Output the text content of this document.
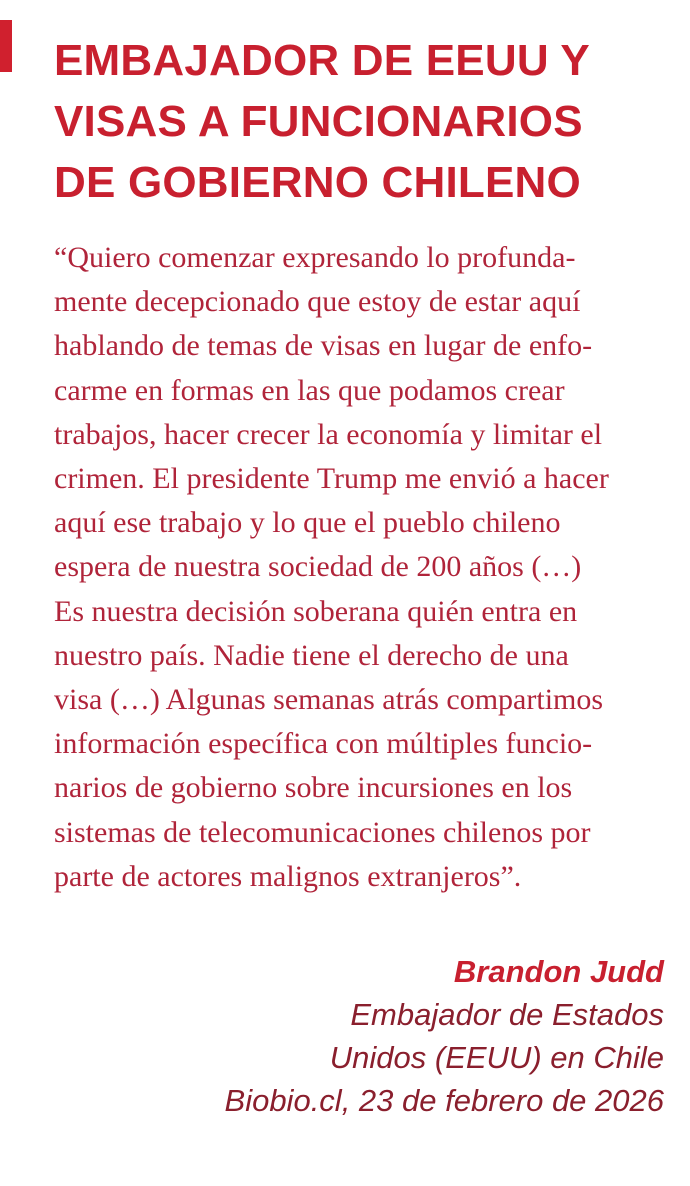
EMBAJADOR DE EEUU Y
VISAS A FUNCIONARIOS
DE GOBIERNO CHILENO
“Quiero comenzar expresando lo profunda-
mente decepcionado que estoy de estar aquí
hablando de temas de visas en lugar de enfo-
carme en formas en las que podamos crear
trabajos, hacer crecer la economía y limitar el
crimen. El presidente Trump me envió a hacer
aquí ese trabajo y lo que el pueblo chileno
espera de nuestra sociedad de 200 años (…)
Es nuestra decisión soberana quién entra en
nuestro país. Nadie tiene el derecho de una
visa (…) Algunas semanas atrás compartimos
información específica con múltiples funcio-
narios de gobierno sobre incursiones en los
sistemas de telecomunicaciones chilenos por
parte de actores malignos extranjeros”.
Brandon Judd
Embajador de Estados
Unidos (EEUU) en Chile
Biobio.cl, 23 de febrero de 2026
